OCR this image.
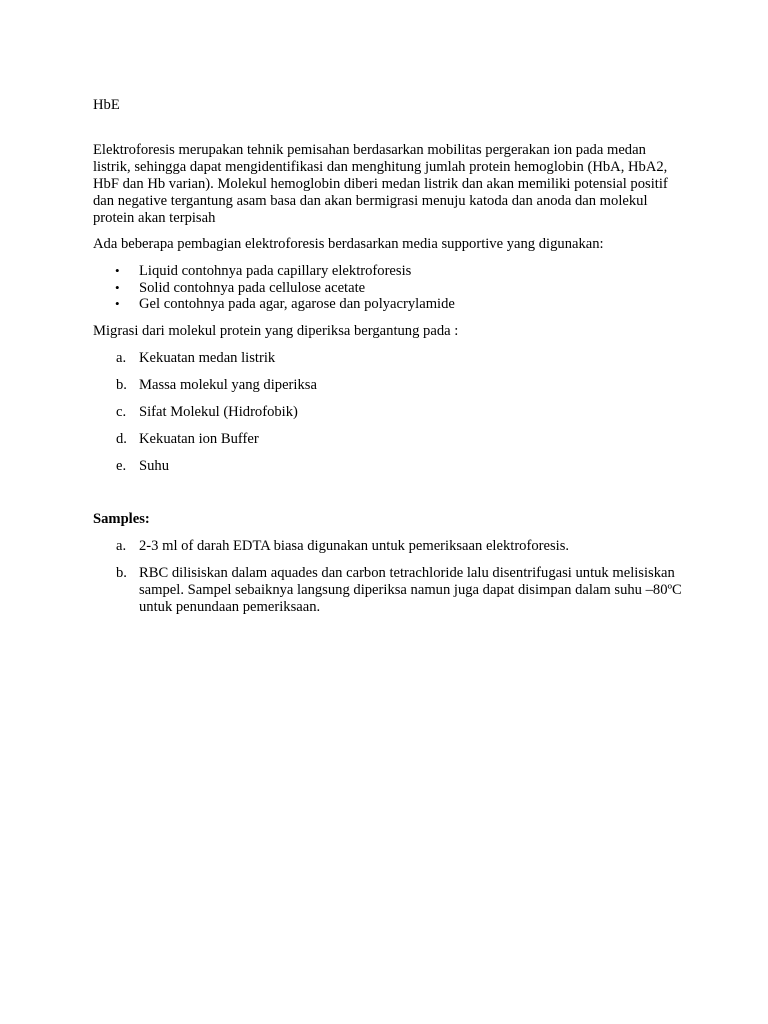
HbE
Elektroforesis merupakan tehnik pemisahan berdasarkan mobilitas pergerakan ion pada medan listrik, sehingga dapat mengidentifikasi dan menghitung jumlah protein hemoglobin (HbA, HbA2, HbF dan Hb varian). Molekul hemoglobin diberi medan listrik dan akan memiliki potensial positif dan negative tergantung asam basa dan akan bermigrasi menuju katoda dan anoda dan molekul protein akan terpisah
Ada beberapa pembagian elektroforesis berdasarkan media supportive yang digunakan:
• Liquid contohnya pada capillary elektroforesis
• Solid contohnya pada cellulose acetate
• Gel contohnya pada agar, agarose dan polyacrylamide
Migrasi dari molekul protein yang diperiksa bergantung pada :
a. Kekuatan medan listrik
b. Massa molekul yang diperiksa
c. Sifat Molekul (Hidrofobik)
d. Kekuatan ion Buffer
e. Suhu
Samples:
a. 2-3 ml of darah EDTA biasa digunakan untuk pemeriksaan elektroforesis.
b. RBC dilisiskan dalam aquades dan carbon tetrachloride lalu disentrifugasi untuk melisiskan sampel. Sampel sebaiknya langsung diperiksa namun juga dapat disimpan dalam suhu –80ºC untuk penundaan pemeriksaan.
